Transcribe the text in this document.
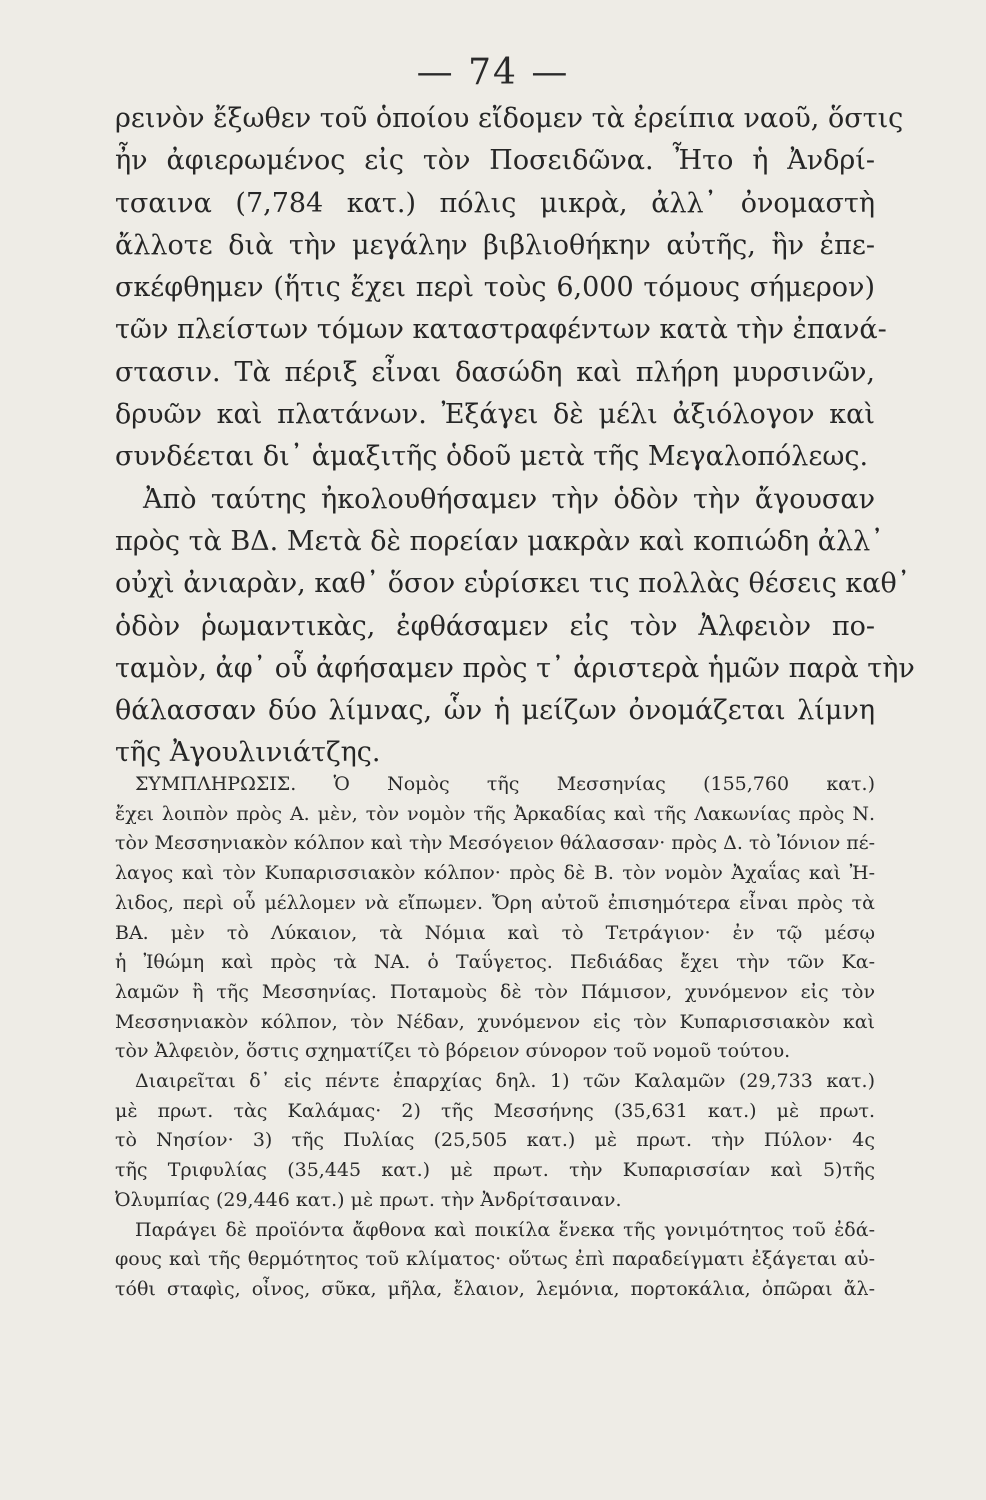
— 74 —
ρεινὸν ἔξωθεν τοῦ ὁποίου εἴδομεν τὰ ἐρείπια ναοῦ, ὅστις
ἦν ἀφιερωμένος εἰς τὸν Ποσειδῶνα. Ἦτο ἡ Ἀνδρί-
τσαινα (7,784 κατ.) πόλις μικρὰ, ἀλλ᾽ ὀνομαστὴ
ἄλλοτε διὰ τὴν μεγάλην βιβλιοθήκην αὐτῆς, ἣν ἐπε-
σκέφθημεν (ἥτις ἔχει περὶ τοὺς 6,000 τόμους σήμερον)
τῶν πλείστων τόμων καταστραφέντων κατὰ τὴν ἐπανά-
στασιν. Τὰ πέριξ εἶναι δασώδη καὶ πλήρη μυρσινῶν,
δρυῶν καὶ πλατάνων. Ἐξάγει δὲ μέλι ἀξιόλογον καὶ
συνδέεται δι᾽ ἁμαξιτῆς ὁδοῦ μετὰ τῆς Μεγαλοπόλεως.
Ἀπὸ ταύτης ἠκολουθήσαμεν τὴν ὁδὸν τὴν ἄγουσαν
πρὸς τὰ ΒΔ. Μετὰ δὲ πορείαν μακρὰν καὶ κοπιώδη ἀλλ᾽
οὐχὶ ἀνιαρὰν, καθ᾽ ὅσον εὑρίσκει τις πολλὰς θέσεις καθ᾽
ὁδὸν ῥωμαντικὰς, ἐφθάσαμεν εἰς τὸν Ἀλφειὸν πο-
ταμὸν, ἀφ᾽ οὗ ἀφήσαμεν πρὸς τ᾽ ἀριστερὰ ἡμῶν παρὰ τὴν
θάλασσαν δύο λίμνας, ὧν ἡ μείζων ὀνομάζεται λίμνη
τῆς Ἀγουλινιάτζης.
ΣΥΜΠΛΗΡΩΣΙΣ. Ὁ Νομὸς τῆς Μεσσηνίας (155,760 κατ.)
ἔχει λοιπὸν πρὸς Α. μὲν, τὸν νομὸν τῆς Ἀρκαδίας καὶ τῆς Λακωνίας πρὸς Ν.
τὸν Μεσσηνιακὸν κόλπον καὶ τὴν Μεσόγειον θάλασσαν· πρὸς Δ. τὸ Ἰόνιον πέ-
λαγος καὶ τὸν Κυπαρισσιακὸν κόλπον· πρὸς δὲ Β. τὸν νομὸν Ἀχαΐας καὶ Ἠ-
λιδος, περὶ οὗ μέλλομεν νὰ εἴπωμεν. Ὄρη αὐτοῦ ἐπισημότερα εἶναι πρὸς τὰ
ΒΑ. μὲν τὸ Λύκαιον, τὰ Νόμια καὶ τὸ Τετράγιον· ἐν τῷ μέσῳ
ἡ Ἰθώμη καὶ πρὸς τὰ ΝΑ. ὁ Ταΰγετος. Πεδιάδας ἔχει τὴν τῶν Κα-
λαμῶν ἢ τῆς Μεσσηνίας. Ποταμοὺς δὲ τὸν Πάμισον, χυνόμενον εἰς τὸν
Μεσσηνιακὸν κόλπον, τὸν Νέδαν, χυνόμενον εἰς τὸν Κυπαρισσιακὸν καὶ
τὸν Ἀλφειὸν, ὅστις σχηματίζει τὸ βόρειον σύνορον τοῦ νομοῦ τούτου.
Διαιρεῖται δ᾽ εἰς πέντε ἐπαρχίας δηλ. 1) τῶν Καλαμῶν (29,733 κατ.)
μὲ πρωτ. τὰς Καλάμας· 2) τῆς Μεσσήνης (35,631 κατ.) μὲ πρωτ.
τὸ Νησίον· 3) τῆς Πυλίας (25,505 κατ.) μὲ πρωτ. τὴν Πύλον· 4ς
τῆς Τριφυλίας (35,445 κατ.) μὲ πρωτ. τὴν Κυπαρισσίαν καὶ 5)τῆς
Ὀλυμπίας (29,446 κατ.) μὲ πρωτ. τὴν Ἀνδρίτσαιναν.
Παράγει δὲ προϊόντα ἄφθονα καὶ ποικίλα ἕνεκα τῆς γονιμότητος τοῦ ἐδά-
φους καὶ τῆς θερμότητος τοῦ κλίματος· οὕτως ἐπὶ παραδείγματι ἐξάγεται αὐ-
τόθι σταφὶς, οἶνος, σῦκα, μῆλα, ἔλαιον, λεμόνια, πορτοκάλια, ὀπῶραι ἄλ-
